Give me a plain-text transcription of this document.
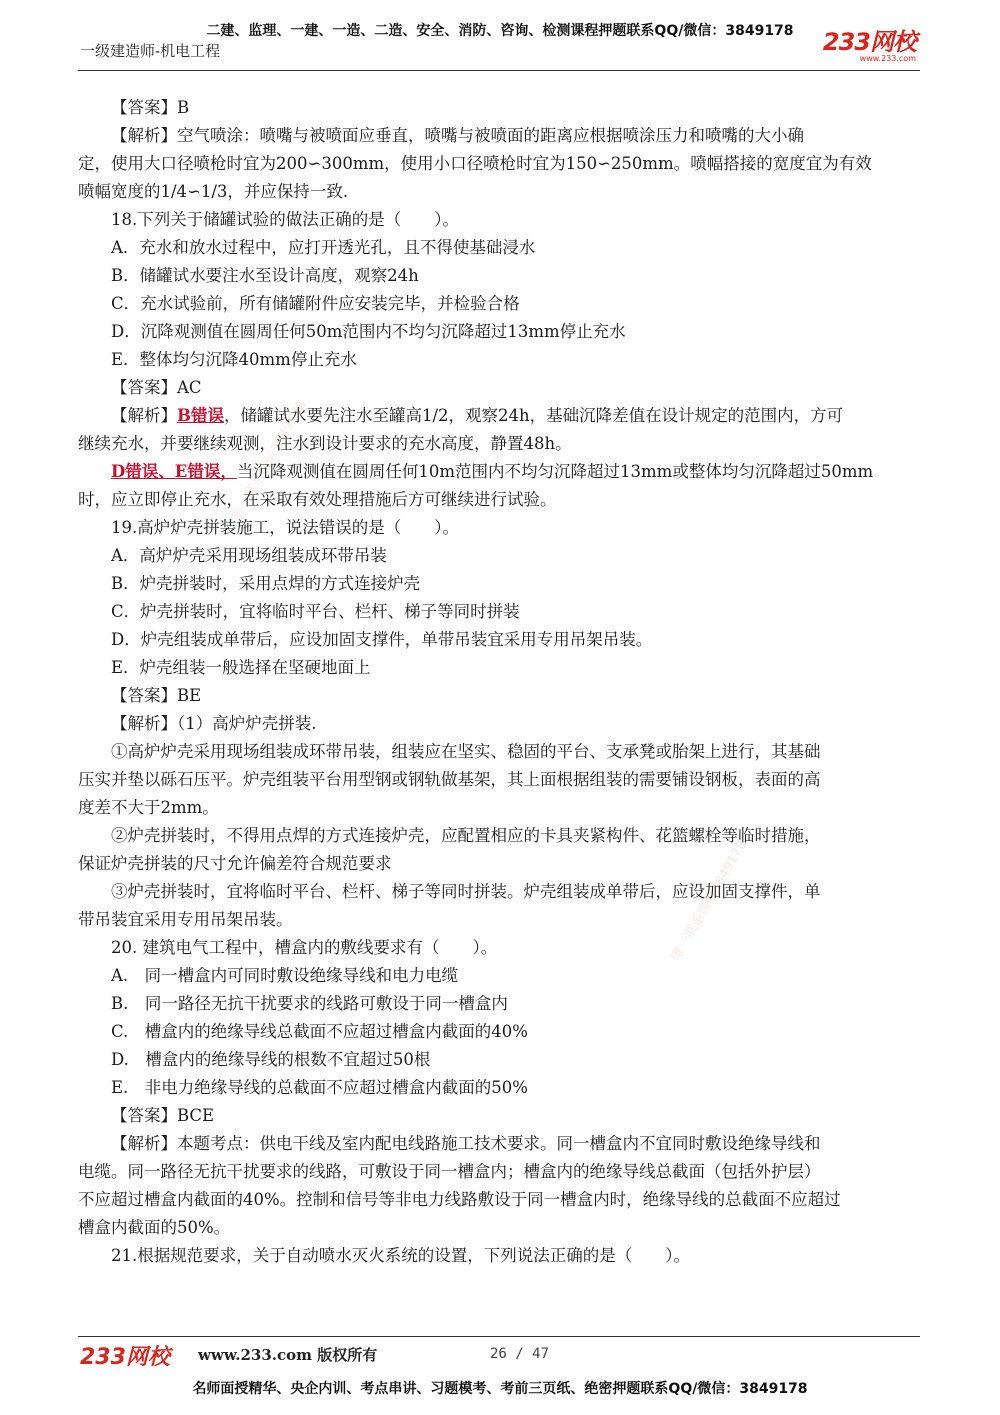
二建、监理、一建、一造、二造、安全、消防、咨询、检测课程押题联系QQ/微信：3849178
一级建造师-机电工程	233网校
www.233.com
唯一联系微信3849178
唯一联系微信3849178

【答案】B

【解析】空气喷涂：喷嘴与被喷面应垂直，喷嘴与被喷面的距离应根据喷涂压力和喷嘴的大小确

定，使用大口径喷枪时宜为200∽300mm，使用小口径喷枪时宜为150∽250mm。喷幅搭接的宽度宜为有效

喷幅宽度的1/4∽1/3，并应保持一致.

18.下列关于储罐试验的做法正确的是（　　）。

A．充水和放水过程中，应打开透光孔，且不得使基础浸水

B．储罐试水要注水至设计高度，观察24h

C．充水试验前，所有储罐附件应安装完毕，并检验合格

D．沉降观测值在圆周任何50m范围内不均匀沉降超过13mm停止充水

E．整体均匀沉降40mm停止充水

【答案】AC

【解析】B错误，储罐试水要先注水至罐高1/2，观察24h，基础沉降差值在设计规定的范围内，方可

继续充水，并要继续观测，注水到设计要求的充水高度，静置48h。

D错误、E错误，当沉降观测值在圆周任何10m范围内不均匀沉降超过13mm或整体均匀沉降超过50mm

时，应立即停止充水，在采取有效处理措施后方可继续进行试验。

19.高炉炉壳拼装施工，说法错误的是（　　）。

A．高炉炉壳采用现场组装成环带吊装

B．炉壳拼装时，采用点焊的方式连接炉壳

C．炉壳拼装时，宜将临时平台、栏杆、梯子等同时拼装

D．炉壳组装成单带后，应设加固支撑件，单带吊装宜采用专用吊架吊装。

E．炉壳组装一般选择在坚硬地面上

【答案】BE

【解析】（1）高炉炉壳拼装.

①高炉炉壳采用现场组装成环带吊装，组装应在坚实、稳固的平台、支承凳或胎架上进行，其基础

压实并垫以砾石压平。炉壳组装平台用型钢或钢轨做基架，其上面根据组装的需要铺设钢板，表面的高

度差不大于2mm。

②炉壳拼装时，不得用点焊的方式连接炉壳，应配置相应的卡具夹紧构件、花篮螺栓等临时措施，

保证炉壳拼装的尺寸允许偏差符合规范要求

③炉壳拼装时，宜将临时平台、栏杆、梯子等同时拼装。炉壳组装成单带后，应设加固支撑件，单

带吊装宜采用专用吊架吊装。

20. 建筑电气工程中，槽盒内的敷线要求有（　　）。

A.　同一槽盒内可同时敷设绝缘导线和电力电缆

B.　同一路径无抗干扰要求的线路可敷设于同一槽盒内

C.　槽盒内的绝缘导线总截面不应超过槽盒内截面的40%

D.　槽盒内的绝缘导线的根数不宜超过50根

E.　非电力绝缘导线的总截面不应超过槽盒内截面的50%

【答案】BCE

【解析】本题考点：供电干线及室内配电线路施工技术要求。同一槽盒内不宜同时敷设绝缘导线和

电缆。同一路径无抗干扰要求的线路，可敷设于同一槽盒内；槽盒内的绝缘导线总截面（包括外护层）

不应超过槽盒内截面的40%。控制和信号等非电力线路敷设于同一槽盒内时，绝缘导线的总截面不应超过

槽盒内截面的50%。

21.根据规范要求，关于自动喷水灭火系统的设置，下列说法正确的是（　　）。

233网校 www.233.com 版权所有	26 / 47
名师面授精华、央企内训、考点串讲、习题模考、考前三页纸、绝密押题联系QQ/微信：3849178
